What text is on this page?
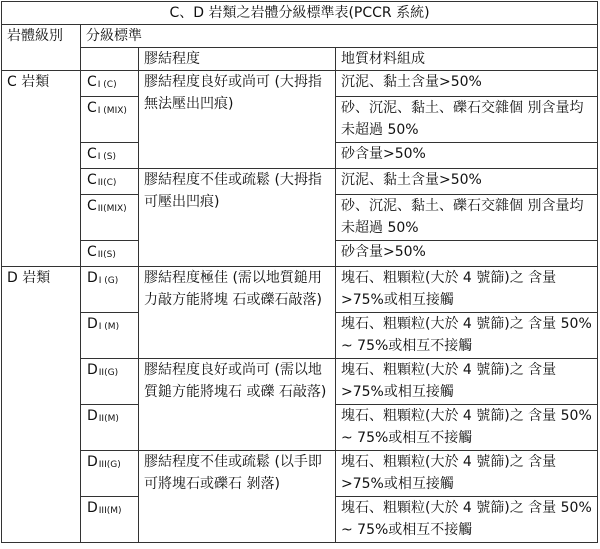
C、D 岩類之岩體分級標準表(PCCR 系統)			
岩體級別	分級標準		
		膠結程度	地質材料組成
C 岩類	CI (C)	膠結程度良好或尚可 (大拇指無法壓出凹痕)	沉泥、黏土含量>50%
	CI (MIX)		砂、沉泥、黏土、礫石交雜個 別含量均未超過 50%
	CI (S)		砂含量>50%
	CII(C)	膠結程度不佳或疏鬆 (大拇指可壓出凹痕)	沉泥、黏土含量>50%
	CII(MIX)		砂、沉泥、黏土、礫石交雜個 別含量均未超過 50%
	CII(S)		砂含量>50%
D 岩類	DI (G)	膠結程度極佳 (需以地質鎚用力敲方能將塊 石或礫石敲落)	塊石、粗顆粒(大於 4 號篩)之 含量>75%或相互接觸
	DI (M)		塊石、粗顆粒(大於 4 號篩)之 含量 50% ~ 75%或相互不接觸
	DII(G)	膠結程度良好或尚可 (需以地質鎚方能將塊石 或礫 石敲落)	塊石、粗顆粒(大於 4 號篩)之 含量>75%或相互接觸
	DII(M)		塊石、粗顆粒(大於 4 號篩)之 含量 50% ~ 75%或相互不接觸
	DIII(G)	膠結程度不佳或疏鬆 (以手即可將塊石或礫石 剝落)	塊石、粗顆粒(大於 4 號篩)之 含量>75%或相互接觸
	DIII(M)		塊石、粗顆粒(大於 4 號篩)之 含量 50% ~ 75%或相互不接觸
